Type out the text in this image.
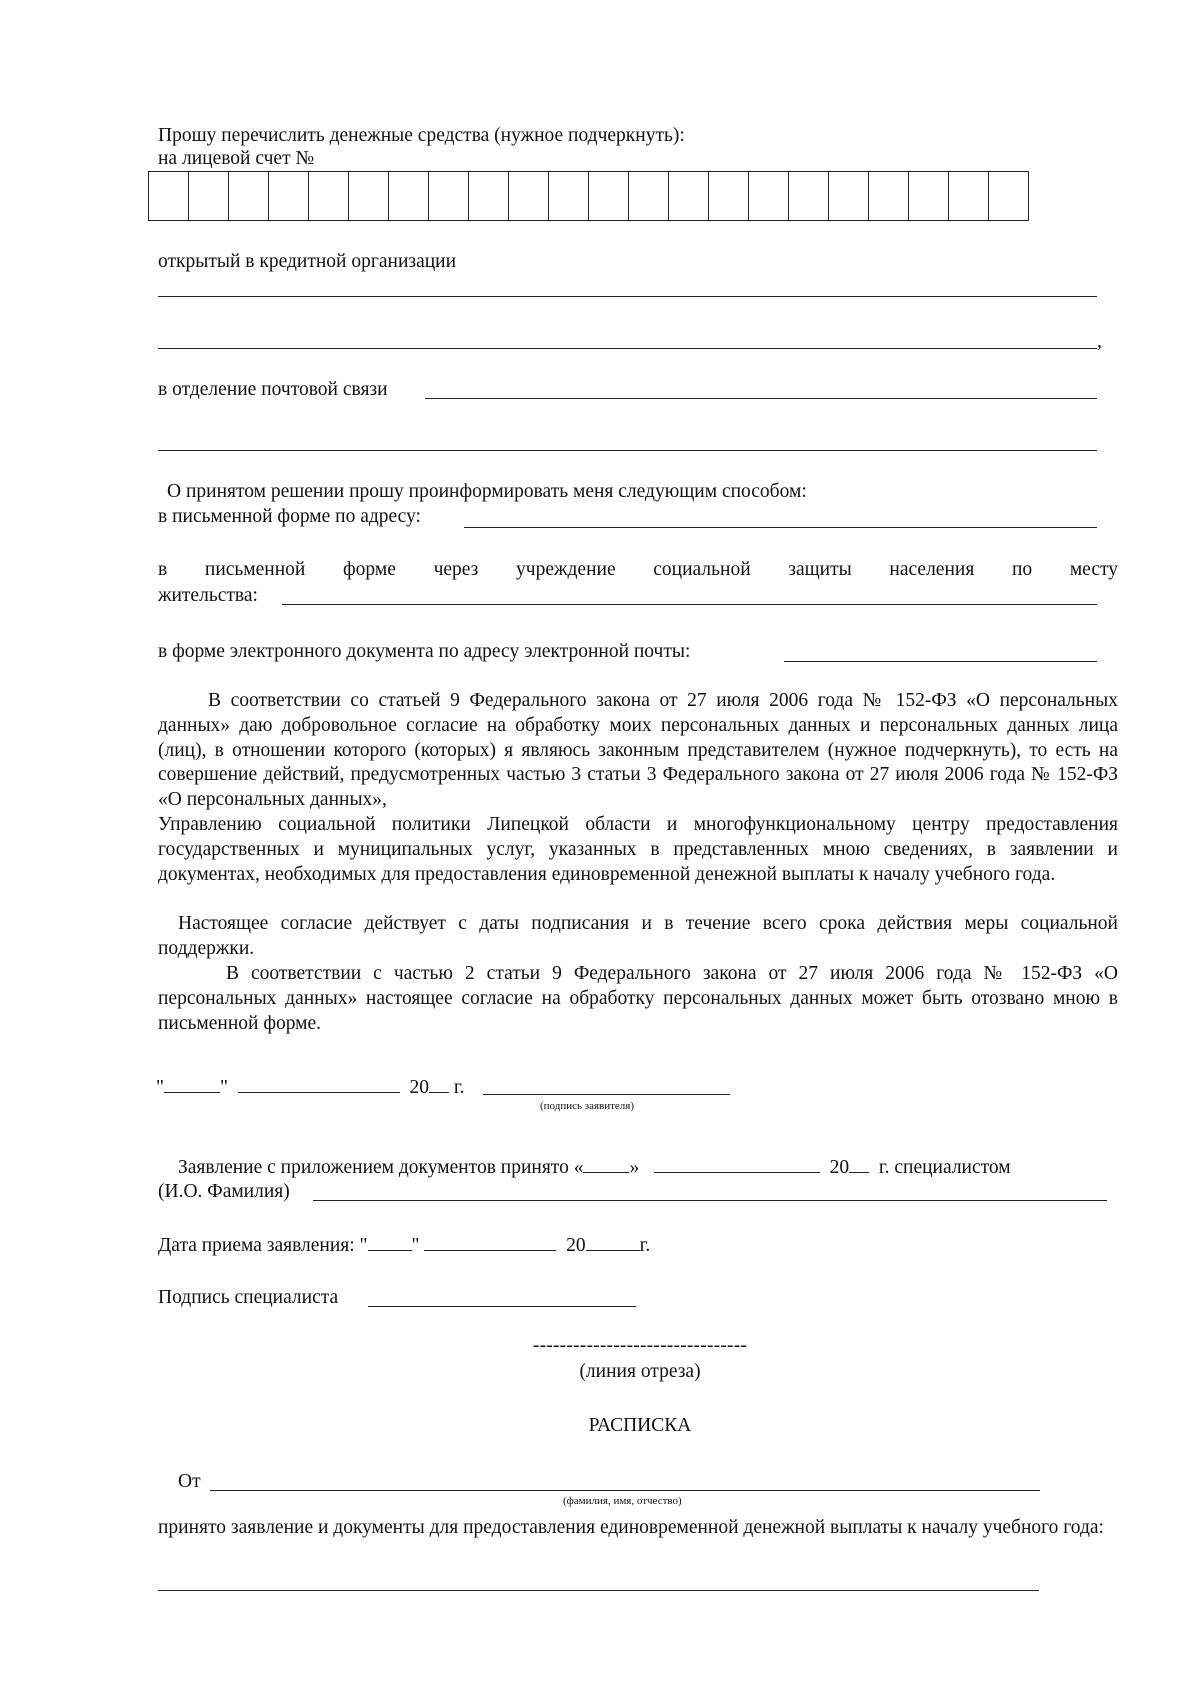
Прошу перечислить денежные средства (нужное подчеркнуть):
на лицевой счет №
открытый в кредитной организации
,
в отделение почтовой связи
О принятом решении прошу проинформировать меня следующим способом:
в письменной форме по адресу:
в письменной форме через учреждение социальной защиты населения по месту
жительства:
в форме электронного документа по адресу электронной почты:
В соответствии со статьей 9 Федерального закона от 27 июля 2006 года № 152-ФЗ «О персональных данных» даю добровольное согласие на обработку моих персональных данных и персональных данных лица (лиц), в отношении которого (которых) я являюсь законным представителем (нужное подчеркнуть), то есть на совершение действий, предусмотренных частью 3 статьи 3 Федерального закона от 27 июля 2006 года № 152-ФЗ «О персональных данных»,
Управлению социальной политики Липецкой области и многофункциональному центру предоставления государственных и муниципальных услуг, указанных в представленных мною сведениях, в заявлении и документах, необходимых для предоставления единовременной денежной выплаты к началу учебного года.
Настоящее согласие действует с даты подписания и в течение всего срока действия меры социальной поддержки.
В соответствии с частью 2 статьи 9 Федерального закона от 27 июля 2006 года № 152-ФЗ «О персональных данных» настоящее согласие на обработку персональных данных может быть отозвано мною в письменной форме.
"	"	20 г.
(подпись заявителя)
Заявление с приложением документов принято « »	20 г. специалистом
(И.О. Фамилия)
Дата приема заявления: " "	20	г.
Подпись специалиста
--------------------------------
(линия отреза)
РАСПИСКА
От
(фамилия, имя, отчество)
принято заявление и документы для предоставления единовременной денежной выплаты к началу учебного года:
